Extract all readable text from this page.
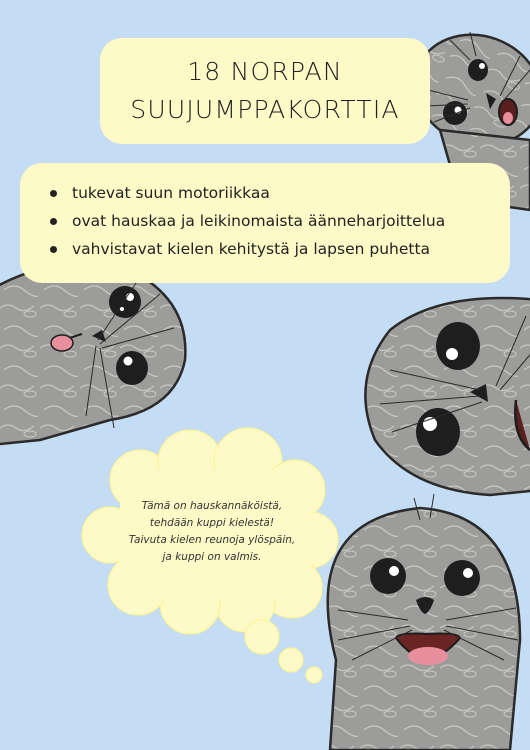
18 NORPAN
SUUJUMPPAKORTTIA
tukevat suun motoriikkaa
ovat hauskaa ja leikinomaista äänneharjoittelua
vahvistavat kielen kehitystä ja lapsen puhetta
Tämä on hauskannäköistä,
tehdään kuppi kielestä!
Taivuta kielen reunoja ylöspäin,
ja kuppi on valmis.
